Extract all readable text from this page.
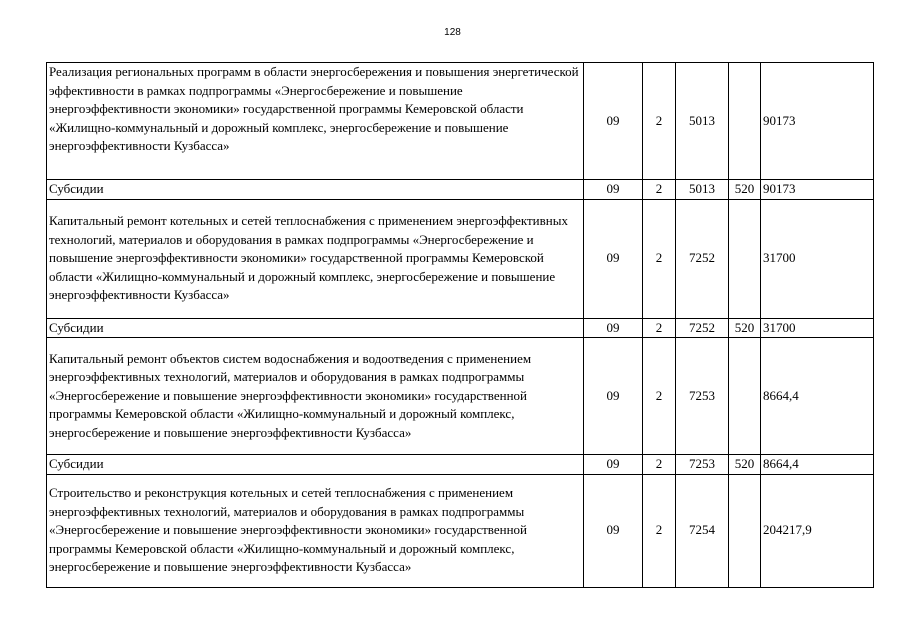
128
Реализация региональных программ в области энергосбережения и повышения энергетической эффективности в рамках подпрограммы «Энергосбережение и повышение энергоэффективности экономики» государственной программы Кемеровской области «Жилищно-коммунальный и дорожный комплекс, энергосбережение и повышение энергоэффективности Кузбасса»	09	2	5013		90173
Субсидии	09	2	5013	520	90173
Капитальный ремонт котельных и сетей теплоснабжения с применением энергоэффективных технологий, материалов и оборудования в рамках подпрограммы «Энергосбережение и повышение энергоэффективности экономики» государственной программы Кемеровской области «Жилищно-коммунальный и дорожный комплекс, энергосбережение и повышение энергоэффективности Кузбасса»	09	2	7252		31700
Субсидии	09	2	7252	520	31700
Капитальный ремонт объектов систем водоснабжения и водоотведения с применением энергоэффективных технологий, материалов и оборудования в рамках подпрограммы «Энергосбережение и повышение энергоэффективности экономики» государственной программы Кемеровской области «Жилищно-коммунальный и дорожный комплекс, энергосбережение и повышение энергоэффективности Кузбасса»	09	2	7253		8664,4
Субсидии	09	2	7253	520	8664,4
Строительство и реконструкция котельных и сетей теплоснабжения с применением энергоэффективных технологий, материалов и оборудования в рамках подпрограммы «Энергосбережение и повышение энергоэффективности экономики» государственной программы Кемеровской области «Жилищно-коммунальный и дорожный комплекс, энергосбережение и повышение энергоэффективности Кузбасса»	09	2	7254		204217,9
